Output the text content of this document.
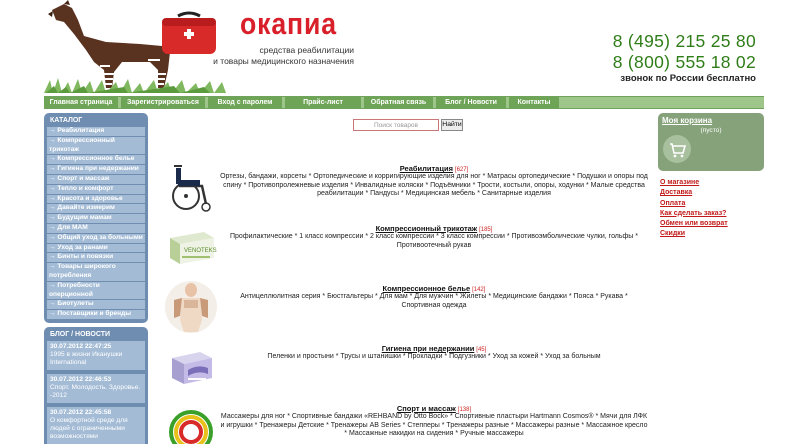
окапиа
средства реабилитации
и товары медицинского назначения
8 (495) 215 25 80
8 (800) 555 18 02
звонок по России бесплатно
Главная страница	Зарегистрироваться	Вход с паролем	Прайс-лист	Обратная связь	Блог / Новости	Контакты
КАТАЛОГ
→ Реабилитация
→ Компрессионный трикотаж
→ Компрессионное белье
→ Гигиена при недержании
→ Спорт и массаж
→ Тепло и комфорт
→ Красота и здоровье
→ Давайте измерим
→ Будущим мамам
→ Для МАМ
→ Общий уход за больными
→ Уход за ранами
→ Бинты и повязки
→ Товары широкого потребления
→ Потребности оперционной
→ Биотулеты
→ Поставщики и бренды
БЛОГ / НОВОСТИ
30.07.2012 22:47:25
1995 в жизни Иканушки International
30.07.2012 22:46:53
Спорт. Молодость. Здоровье. -2012
30.07.2012 22:45:58
О комфортной среде для людей с ограниченными возможностями
Поиск товаров
Найти
Реабилитация [627]
Ортезы, бандажи, корсеты * Ортопедические и корригирующие изделия для ног * Матрасы ортопедические * Подушки и опоры под спину * Противопролежневые изделия * Инвалидные коляски * Подъёмники * Трости, костыли, опоры, ходунки * Малые средства реабилитации * Пандусы * Медицинская мебель * Санитарные изделия
VENOTEKS
Компрессионный трикотаж [185]
Профилактические * 1 класс компрессии * 2 класс компрессии * 3 класс компрессии * Противоэмболические чулки, гольфы * Противоотечный рукав
Компрессионное белье [142]
Антицеллюлитная серия * Бюстгальтеры * Для мам * Для мужчин * Жилеты * Медицинские бандажи * Пояса * Рукава * Спортивная одежда
Гигиена при недержании [45]
Пеленки и простыни * Трусы и штанишки * Прокладки * Подгузники * Уход за кожей * Уход за больным
Спорт и массаж [138]
Массажеры для ног * Спортивные бандажи «REHBAND by Otto Bock» * Спортивные пластыри Hartmann Cosmos® * Мячи для ЛФК и игрушки * Тренажеры Детские * Тренажеры AB Series * Степперы * Тренажеры разные * Массажеры разные * Массажное кресло * Массажные накидки на сидения * Ручные массажеры
Моя корзина
(пусто)
О магазине
Доставка
Оплата
Как сделать заказ?
Обмен или возврат
Скидки
